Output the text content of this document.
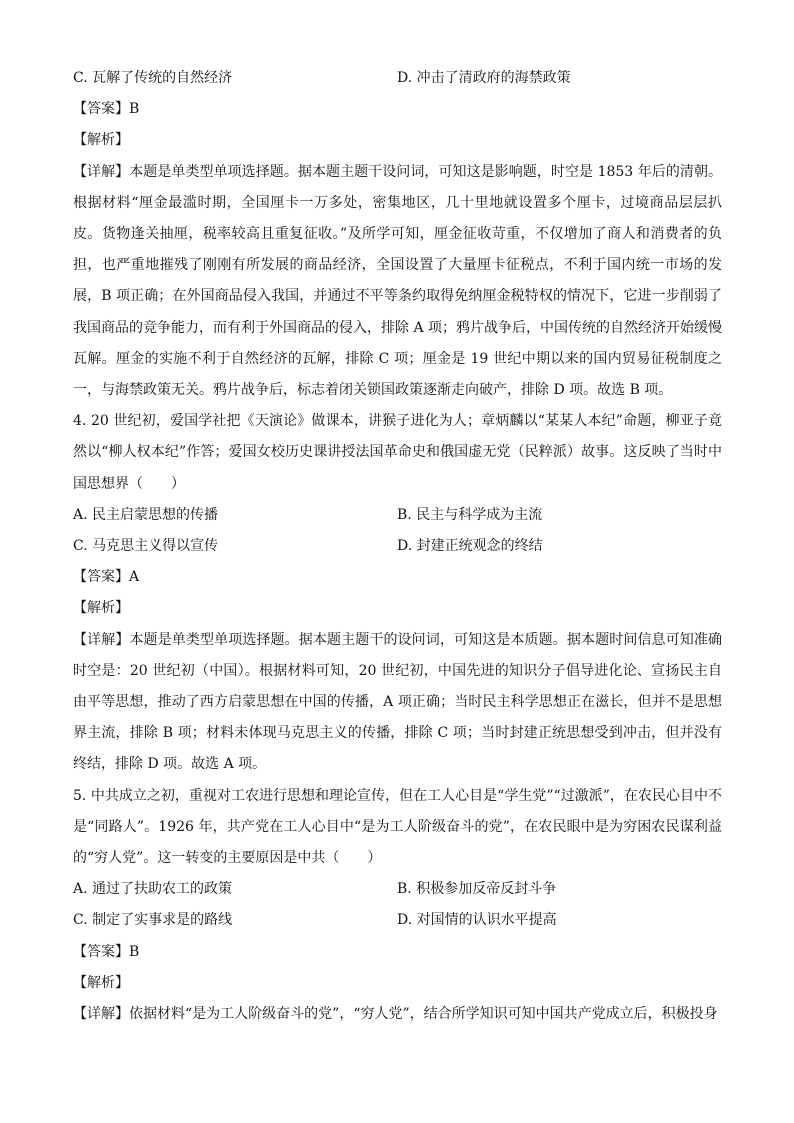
C. 瓦解了传统的自然经济	D. 冲击了清政府的海禁政策
【答案】B
【解析】
【详解】本题是单类型单项选择题。据本题主题干设问词，可知这是影响题，时空是 1853 年后的清朝。根据材料“厘金最滥时期，全国厘卡一万多处，密集地区，几十里地就设置多个厘卡，过境商品层层扒皮。货物逢关抽厘，税率较高且重复征收。”及所学可知，厘金征收苛重，不仅增加了商人和消费者的负担，也严重地摧残了刚刚有所发展的商品经济，全国设置了大量厘卡征税点，不利于国内统一市场的发展，B 项正确；在外国商品侵入我国，并通过不平等条约取得免纳厘金税特权的情况下，它进一步削弱了我国商品的竞争能力，而有利于外国商品的侵入，排除 A 项；鸦片战争后，中国传统的自然经济开始缓慢瓦解。厘金的实施不利于自然经济的瓦解，排除 C 项；厘金是 19 世纪中期以来的国内贸易征税制度之一，与海禁政策无关。鸦片战争后，标志着闭关锁国政策逐渐走向破产，排除 D 项。故选 B 项。
4. 20 世纪初，爱国学社把《天演论》做课本，讲猴子进化为人；章炳麟以“某某人本纪”命题，柳亚子竟然以“柳人权本纪”作答；爱国女校历史课讲授法国革命史和俄国虚无党（民粹派）故事。这反映了当时中国思想界（　　）
A. 民主启蒙思想的传播	B. 民主与科学成为主流
C. 马克思主义得以宣传	D. 封建正统观念的终结
【答案】A
【解析】
【详解】本题是单类型单项选择题。据本题主题干的设问词，可知这是本质题。据本题时间信息可知准确时空是：20 世纪初（中国）。根据材料可知，20 世纪初，中国先进的知识分子倡导进化论、宣扬民主自由平等思想，推动了西方启蒙思想在中国的传播，A 项正确；当时民主科学思想正在滋长，但并不是思想界主流，排除 B 项；材料未体现马克思主义的传播，排除 C 项；当时封建正统思想受到冲击，但并没有终结，排除 D 项。故选 A 项。
5. 中共成立之初，重视对工农进行思想和理论宣传，但在工人心目是“学生党”“过激派”，在农民心目中不是“同路人”。1926 年，共产党在工人心目中“是为工人阶级奋斗的党”，在农民眼中是为穷困农民谋利益的“穷人党”。这一转变的主要原因是中共（　　）
A. 通过了扶助农工的政策	B. 积极参加反帝反封斗争
C. 制定了实事求是的路线	D. 对国情的认识水平提高
【答案】B
【解析】
【详解】依据材料“是为工人阶级奋斗的党”，“穷人党”，结合所学知识可知中国共产党成立后，积极投身
